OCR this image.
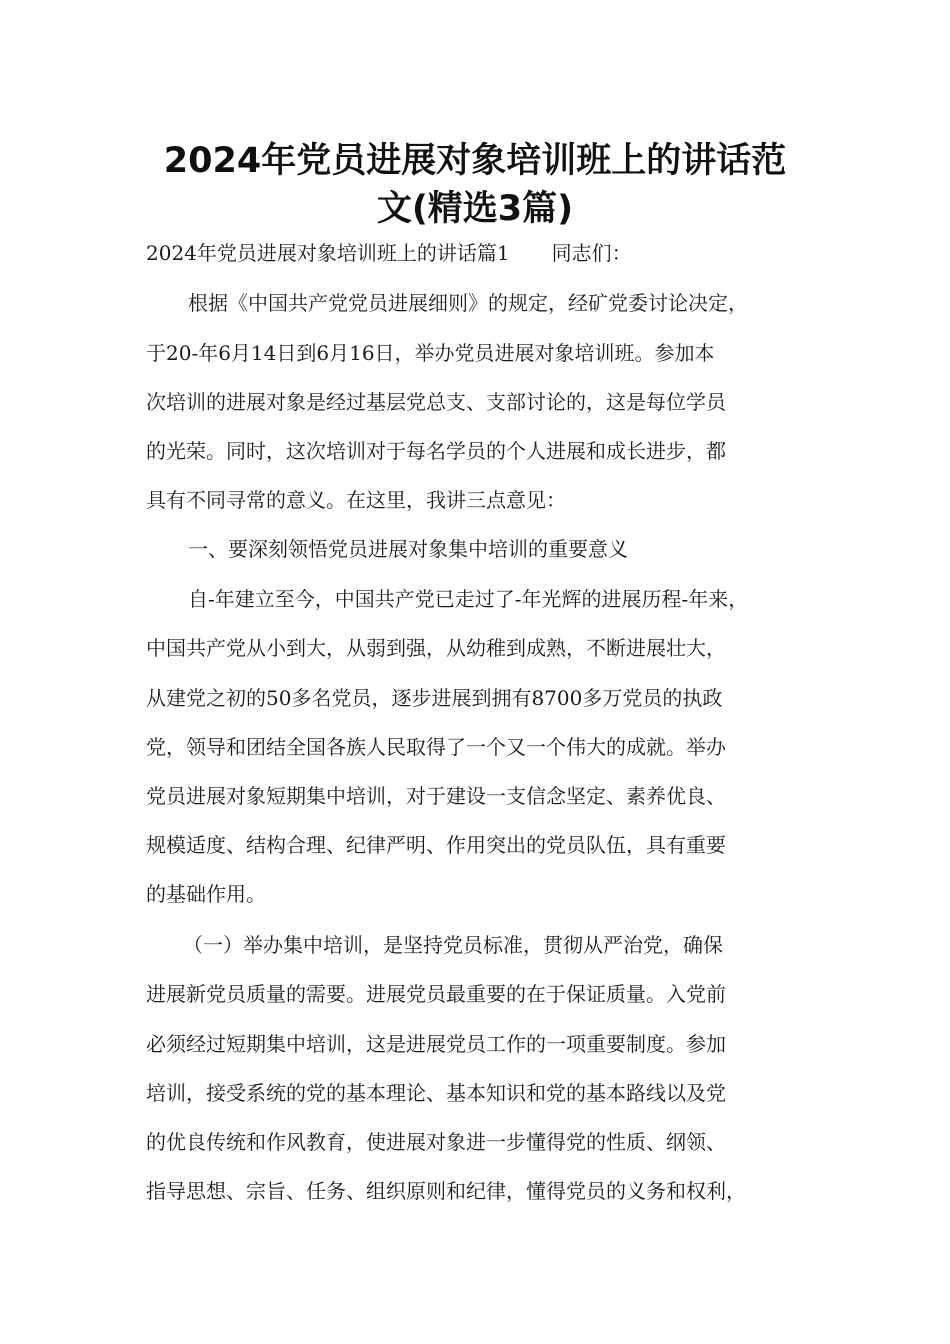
2024年党员进展对象培训班上的讲话范
文(精选3篇)
2024年党员进展对象培训班上的讲话篇1 同志们：
根据《中国共产党党员进展细则》的规定，经矿党委讨论决定，
于20-年6月14日到6月16日，举办党员进展对象培训班。参加本
次培训的进展对象是经过基层党总支、支部讨论的，这是每位学员
的光荣。同时，这次培训对于每名学员的个人进展和成长进步，都
具有不同寻常的意义。在这里，我讲三点意见：
一、要深刻领悟党员进展对象集中培训的重要意义
自-年建立至今，中国共产党已走过了-年光辉的进展历程-年来，
中国共产党从小到大，从弱到强，从幼稚到成熟，不断进展壮大，
从建党之初的50多名党员，逐步进展到拥有8700多万党员的执政
党，领导和团结全国各族人民取得了一个又一个伟大的成就。举办
党员进展对象短期集中培训，对于建设一支信念坚定、素养优良、
规模适度、结构合理、纪律严明、作用突出的党员队伍，具有重要
的基础作用。
（一）举办集中培训，是坚持党员标准，贯彻从严治党，确保
进展新党员质量的需要。进展党员最重要的在于保证质量。入党前
必须经过短期集中培训，这是进展党员工作的一项重要制度。参加
培训，接受系统的党的基本理论、基本知识和党的基本路线以及党
的优良传统和作风教育，使进展对象进一步懂得党的性质、纲领、
指导思想、宗旨、任务、组织原则和纪律，懂得党员的义务和权利，
